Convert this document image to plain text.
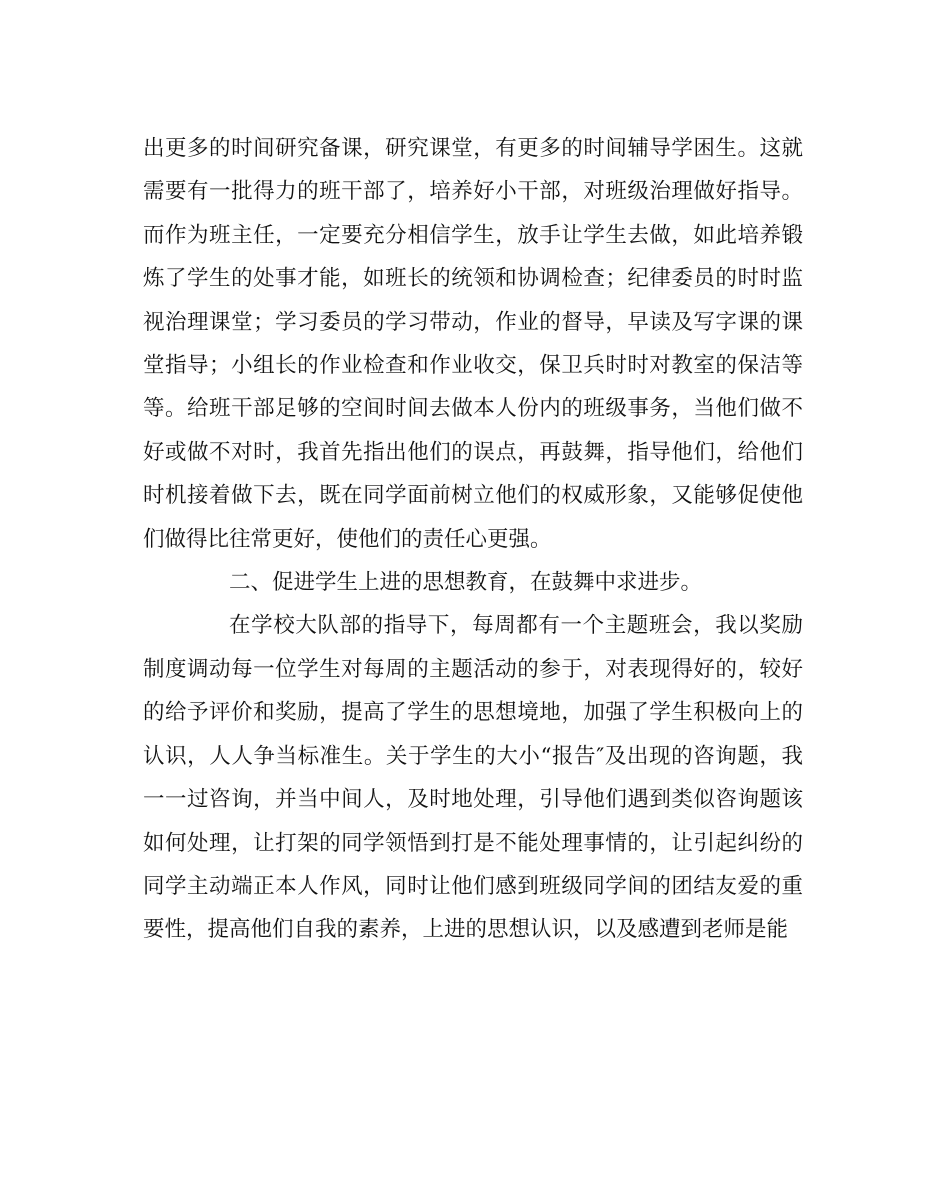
出更多的时间研究备课，研究课堂，有更多的时间辅导学困生。这就需要有一批得力的班干部了，培养好小干部，对班级治理做好指导。而作为班主任，一定要充分相信学生，放手让学生去做，如此培养锻炼了学生的处事才能，如班长的统领和协调检查；纪律委员的时时监视治理课堂；学习委员的学习带动，作业的督导，早读及写字课的课堂指导；小组长的作业检查和作业收交，保卫兵时时对教室的保洁等等。给班干部足够的空间时间去做本人份内的班级事务，当他们做不好或做不对时，我首先指出他们的误点，再鼓舞，指导他们，给他们时机接着做下去，既在同学面前树立他们的权威形象，又能够促使他们做得比往常更好，使他们的责任心更强。

二、促进学生上进的思想教育，在鼓舞中求进步。

在学校大队部的指导下，每周都有一个主题班会，我以奖励制度调动每一位学生对每周的主题活动的参于，对表现得好的，较好的给予评价和奖励，提高了学生的思想境地，加强了学生积极向上的认识，人人争当标准生。关于学生的大小“报告″及出现的咨询题，我一一过咨询，并当中间人，及时地处理，引导他们遇到类似咨询题该如何处理，让打架的同学领悟到打是不能处理事情的，让引起纠纷的同学主动端正本人作风，同时让他们感到班级同学间的团结友爱的重要性，提高他们自我的素养，上进的思想认识，以及感遭到老师是能
